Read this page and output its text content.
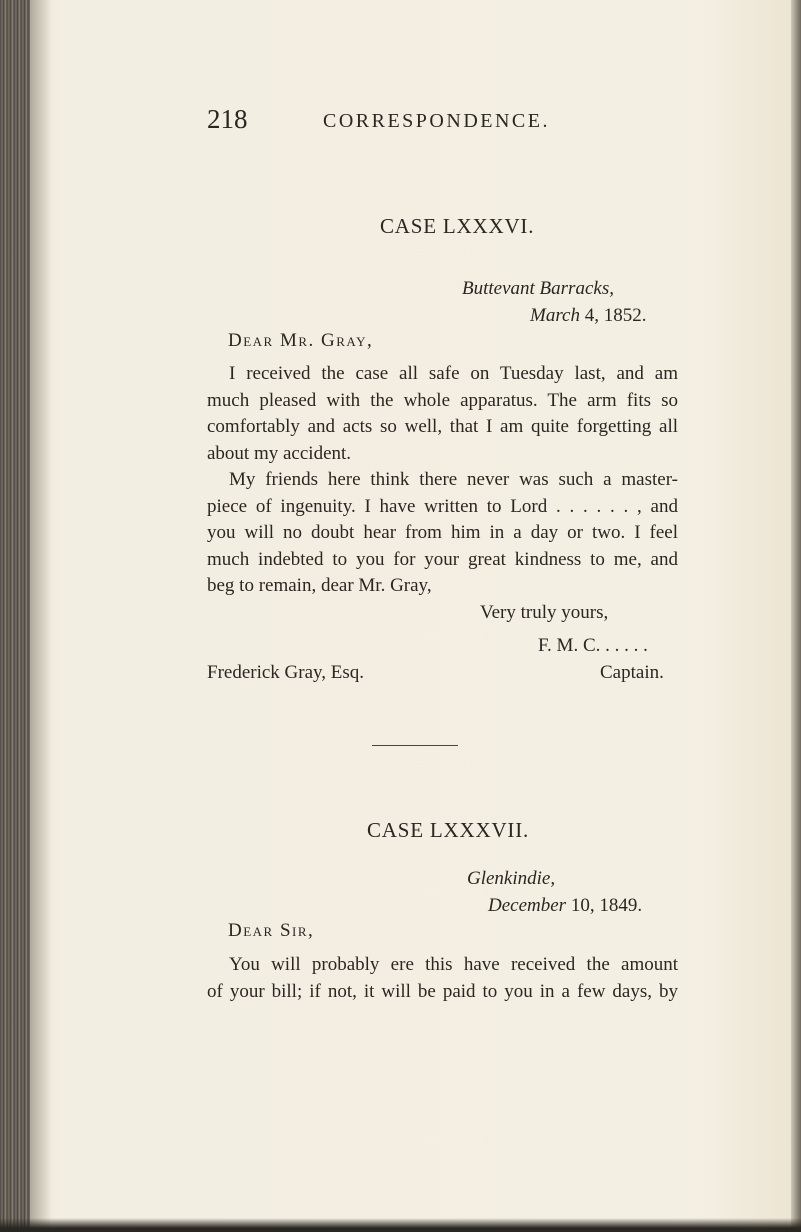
218	CORRESPONDENCE.
CASE LXXXVI.
Buttevant Barracks,
March 4, 1852.
Dear Mr. Gray,
I received the case all safe on Tuesday last, and am
much pleased with the whole apparatus. The arm fits so
comfortably and acts so well, that I am quite forgetting all
about my accident.
My friends here think there never was such a master-
piece of ingenuity. I have written to Lord . . . . . . , and
you will no doubt hear from him in a day or two. I feel
much indebted to you for your great kindness to me, and
beg to remain, dear Mr. Gray,
Very truly yours,
F. M. C. . . . . .
Frederick Gray, Esq.	Captain.
CASE LXXXVII.
Glenkindie,
December 10, 1849.
Dear Sir,
You will probably ere this have received the amount
of your bill; if not, it will be paid to you in a few days, by
